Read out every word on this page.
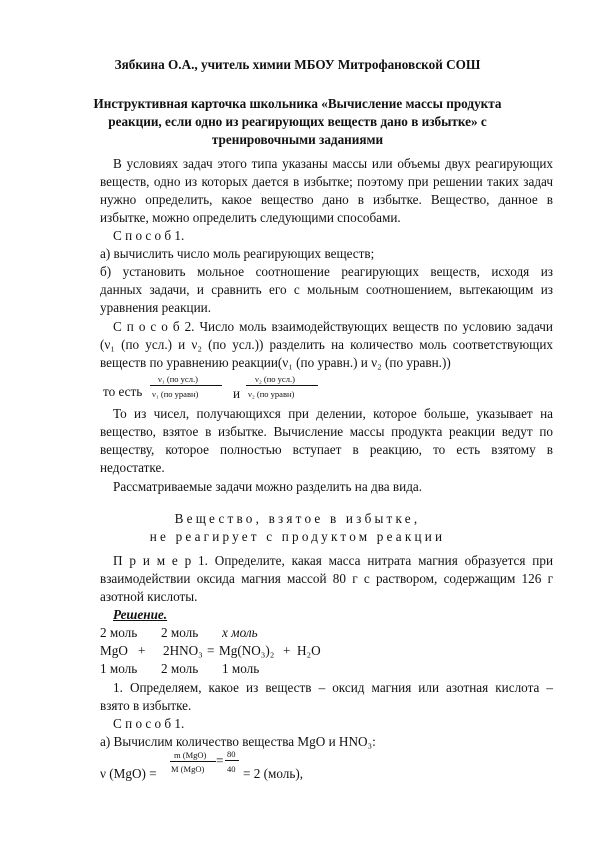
Зябкина О.А., учитель химии МБОУ Митрофановской СОШ
Инструктивная карточка школьника «Вычисление массы продукта
реакции, если одно из реагирующих веществ дано в избытке» с
тренировочными заданиями
В условиях задач этого типа указаны массы или объемы двух реагирующих
веществ, одно из которых дается в избытке; поэтому при решении таких задач
нужно определить, какое вещество дано в избытке. Вещество, данное в
избытке, можно определить следующими способами.
С п о с о б 1.
а) вычислить число моль реагирующих веществ;
б) установить мольное соотношение реагирующих веществ, исходя из
данных задачи, и сравнить его с мольным соотношением, вытекающим из
уравнения реакции.
С п о с о б 2. Число моль взаимодействующих веществ по условию задачи
(ν₁ (по усл.) и ν₂ (по усл.)) разделить на количество моль соответствующих
веществ по уравнению реакции(ν₁ (по уравн.) и ν₂ (по уравн.))
то есть
ν₁ (по усл.)
ν₁ (по уравн)	и
ν₂ (по усл.)
ν₂ (по уравн)
То из чисел, получающихся при делении, которое больше, указывает на
вещество, взятое в избытке. Вычисление массы продукта реакции ведут по
веществу, которое полностью вступает в реакцию, то есть взятому в
недостатке.
Рассматриваемые задачи можно разделить на два вида.
Вещество, взятое в избытке,
не реагирует с продуктом реакции
П р и м е р 1. Определите, какая масса нитрата магния образуется при
взаимодействии оксида магния массой 80 г с раствором, содержащим 126 г
азотной кислоты.
Решение.
2 моль 2 моль x моль
MgO + 2HNO₃ = Mg(NO₃)₂ + H₂O
1 моль 2 моль 1 моль
1. Определяем, какое из веществ – оксид магния или азотная кислота –
взято в избытке.
С п о с о б 1.
а) Вычислим количество вещества MgO и HNO₃:
ν (MgO) =
m (MgO)
M (MgO)
= 80
40 = 2 (моль),
